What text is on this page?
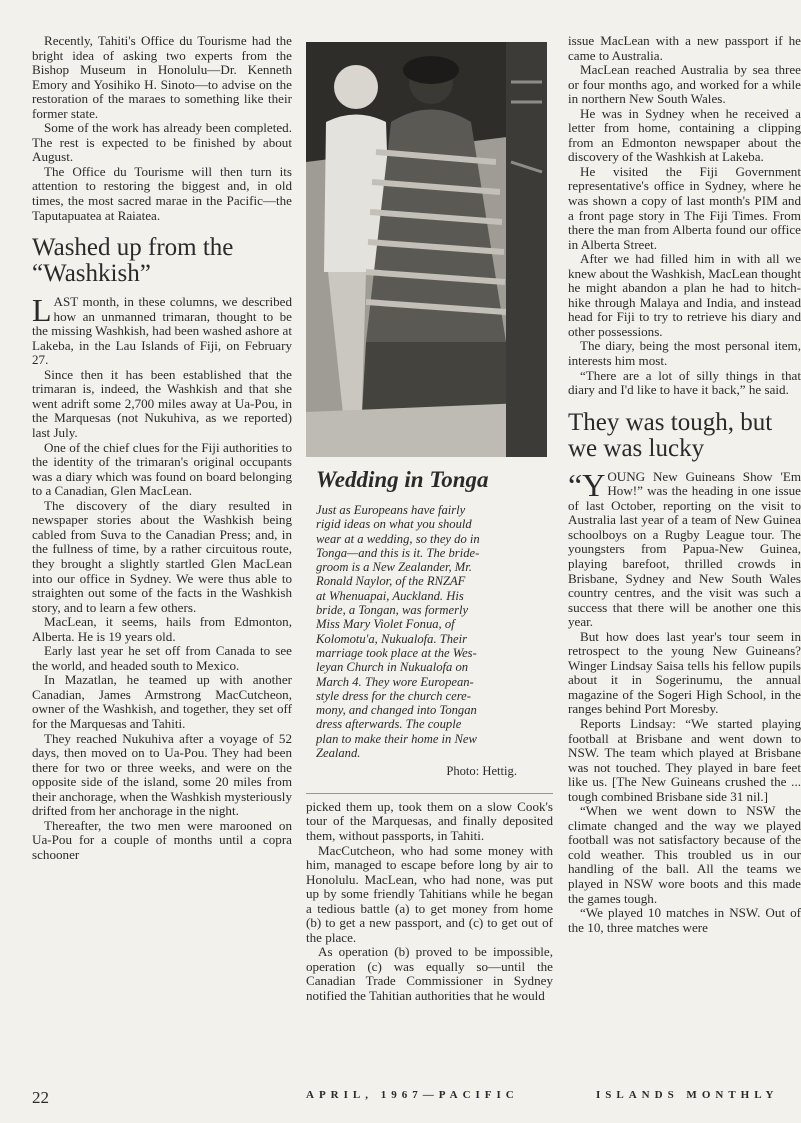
Recently, Tahiti's Office du Tourisme had the bright idea of asking two experts from the Bishop Museum in Honolulu—Dr. Kenneth Emory and Yosihiko H. Sinoto—to advise on the restoration of the maraes to something like their former state.

Some of the work has already been completed. The rest is expected to be finished by about August.

The Office du Tourisme will then turn its attention to restoring the biggest and, in old times, the most sacred marae in the Pacific—the Taputapuatea at Raiatea.

Washed up from the “Washkish”

LAST month, in these columns, we described how an unmanned trimaran, thought to be the missing Washkish, had been washed ashore at Lakeba, in the Lau Islands of Fiji, on February 27.

Since then it has been established that the trimaran is, indeed, the Washkish and that she went adrift some 2,700 miles away at Ua-Pou, in the Marquesas (not Nukuhiva, as we reported) last July.

One of the chief clues for the Fiji authorities to the identity of the trimaran's original occupants was a diary which was found on board belonging to a Canadian, Glen MacLean.

The discovery of the diary resulted in newspaper stories about the Washkish being cabled from Suva to the Canadian Press; and, in the fullness of time, by a rather circuitous route, they brought a slightly startled Glen MacLean into our office in Sydney. We were thus able to straighten out some of the facts in the Washkish story, and to learn a few others.

MacLean, it seems, hails from Edmonton, Alberta. He is 19 years old.

Early last year he set off from Canada to see the world, and headed south to Mexico.

In Mazatlan, he teamed up with another Canadian, James Armstrong MacCutcheon, owner of the Washkish, and together, they set off for the Marquesas and Tahiti.

They reached Nukuhiva after a voyage of 52 days, then moved on to Ua-Pou. They had been there for two or three weeks, and were on the opposite side of the island, some 20 miles from their anchorage, when the Washkish mysteriously drifted from her anchorage in the night.

Thereafter, the two men were marooned on Ua-Pou for a couple of months until a copra schooner

Wedding in Tonga
Just as Europeans have fairly
rigid ideas on what you should
wear at a wedding, so they do in
Tonga—and this is it. The bride-
groom is a New Zealander, Mr.
Ronald Naylor, of the RNZAF
at Whenuapai, Auckland. His
bride, a Tongan, was formerly
Miss Mary Violet Fonua, of
Kolomotu'a, Nukualofa. Their
marriage took place at the Wes-
leyan Church in Nukualofa on
March 4. They wore European-
style dress for the church cere-
mony, and changed into Tongan
dress afterwards. The couple
plan to make their home in New
Zealand.
Photo: Hettig.

picked them up, took them on a slow Cook's tour of the Marquesas, and finally deposited them, without passports, in Tahiti.

MacCutcheon, who had some money with him, managed to escape before long by air to Honolulu. MacLean, who had none, was put up by some friendly Tahitians while he began a tedious battle (a) to get money from home (b) to get a new passport, and (c) to get out of the place.

As operation (b) proved to be impossible, operation (c) was equally so—until the Canadian Trade Commissioner in Sydney notified the Tahitian authorities that he would

issue MacLean with a new passport if he came to Australia.

MacLean reached Australia by sea three or four months ago, and worked for a while in northern New South Wales.

He was in Sydney when he received a letter from home, containing a clipping from an Edmonton newspaper about the discovery of the Washkish at Lakeba.

He visited the Fiji Government representative's office in Sydney, where he was shown a copy of last month's PIM and a front page story in The Fiji Times. From there the man from Alberta found our office in Alberta Street.

After we had filled him in with all we knew about the Washkish, MacLean thought he might abandon a plan he had to hitch-hike through Malaya and India, and instead head for Fiji to try to retrieve his diary and other possessions.

The diary, being the most personal item, interests him most.

“There are a lot of silly things in that diary and I'd like to have it back,” he said.

They was tough, but we was lucky

“Y OUNG New Guineans Show 'Em How!” was the heading in one issue of last October, reporting on the visit to Australia last year of a team of New Guinea schoolboys on a Rugby League tour. The youngsters from Papua-New Guinea, playing barefoot, thrilled crowds in Brisbane, Sydney and New South Wales country centres, and the visit was such a success that there will be another one this year.

But how does last year's tour seem in retrospect to the young New Guineans? Winger Lindsay Saisa tells his fellow pupils about it in Sogerinumu, the annual magazine of the Sogeri High School, in the ranges behind Port Moresby.

Reports Lindsay: “We started playing football at Brisbane and went down to NSW. The team which played at Brisbane was not touched. They played in bare feet like us. [The New Guineans crushed the ... tough combined Brisbane side 31 nil.]

“When we went down to NSW the climate changed and the way we played football was not satisfactory because of the cold weather. This troubled us in our handling of the ball. All the teams we played in NSW wore boots and this made the games tough.

“We played 10 matches in NSW. Out of the 10, three matches were

22	APRIL, 1967—PACIFIC	ISLANDS MONTHLY
